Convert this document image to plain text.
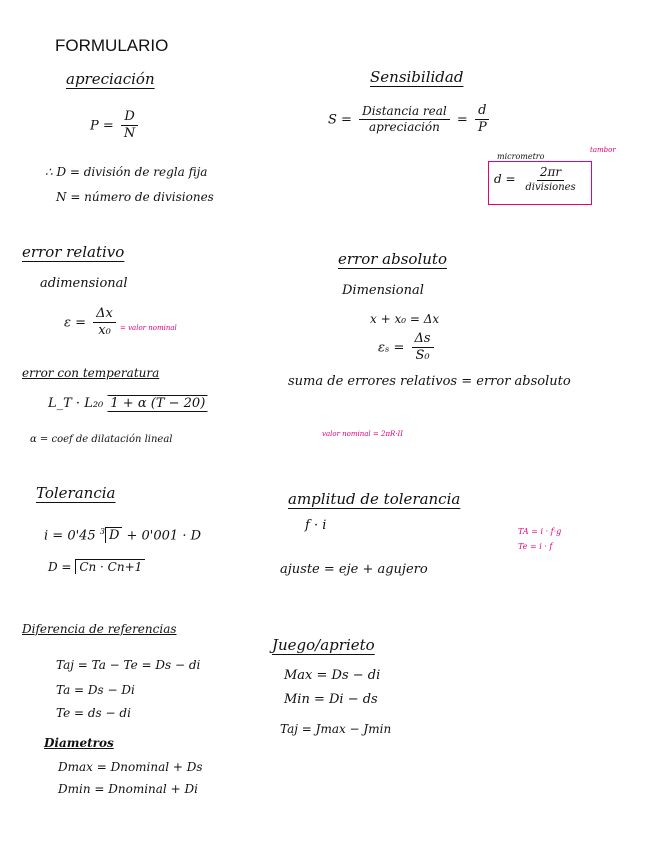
FORMULARIO
apreciación
$P = \frac{D}{N}$
∴ D = división de regla fija
N = número de divisiones
Sensibilidad
$S = \frac{\text{Distancia real}}{\text{apreciación}} = \frac{d}{P}$
micrometro
tambor
$d = \frac{2\pi r}{\text{divisiones}}$
error relativo
adimensional
$\varepsilon = \frac{\Delta x}{\text{x₀}}$ = valor nominal
error absoluto
Dimensional
x + x₀ = Δx
$\varepsilon_s = \frac{\Delta s}{\text{S₀}}$
suma de errores relativos = error absoluto
valor nominal = 2πR·II
error con temperatura
L_T · L₂₀ 1 + α (T − 20)
α = coef de dilatación lineal
Tolerancia
i = 0'45 $^3$ D + 0'001 · D
D = Cn · Cn+1
amplitud de tolerancia
f · i
ajuste = eje + agujero
TA = i · f·g
Te = i · f
Diferencia de referencias
Taj = Ta − Te = Ds − di
Ta = Ds − Di
Te = ds − di
Diametros
Dmax = Dnominal + Ds
Dmin = Dnominal + Di
Juego/aprieto
Max = Ds − di
Min = Di − ds
Taj = Jmax − Jmin
